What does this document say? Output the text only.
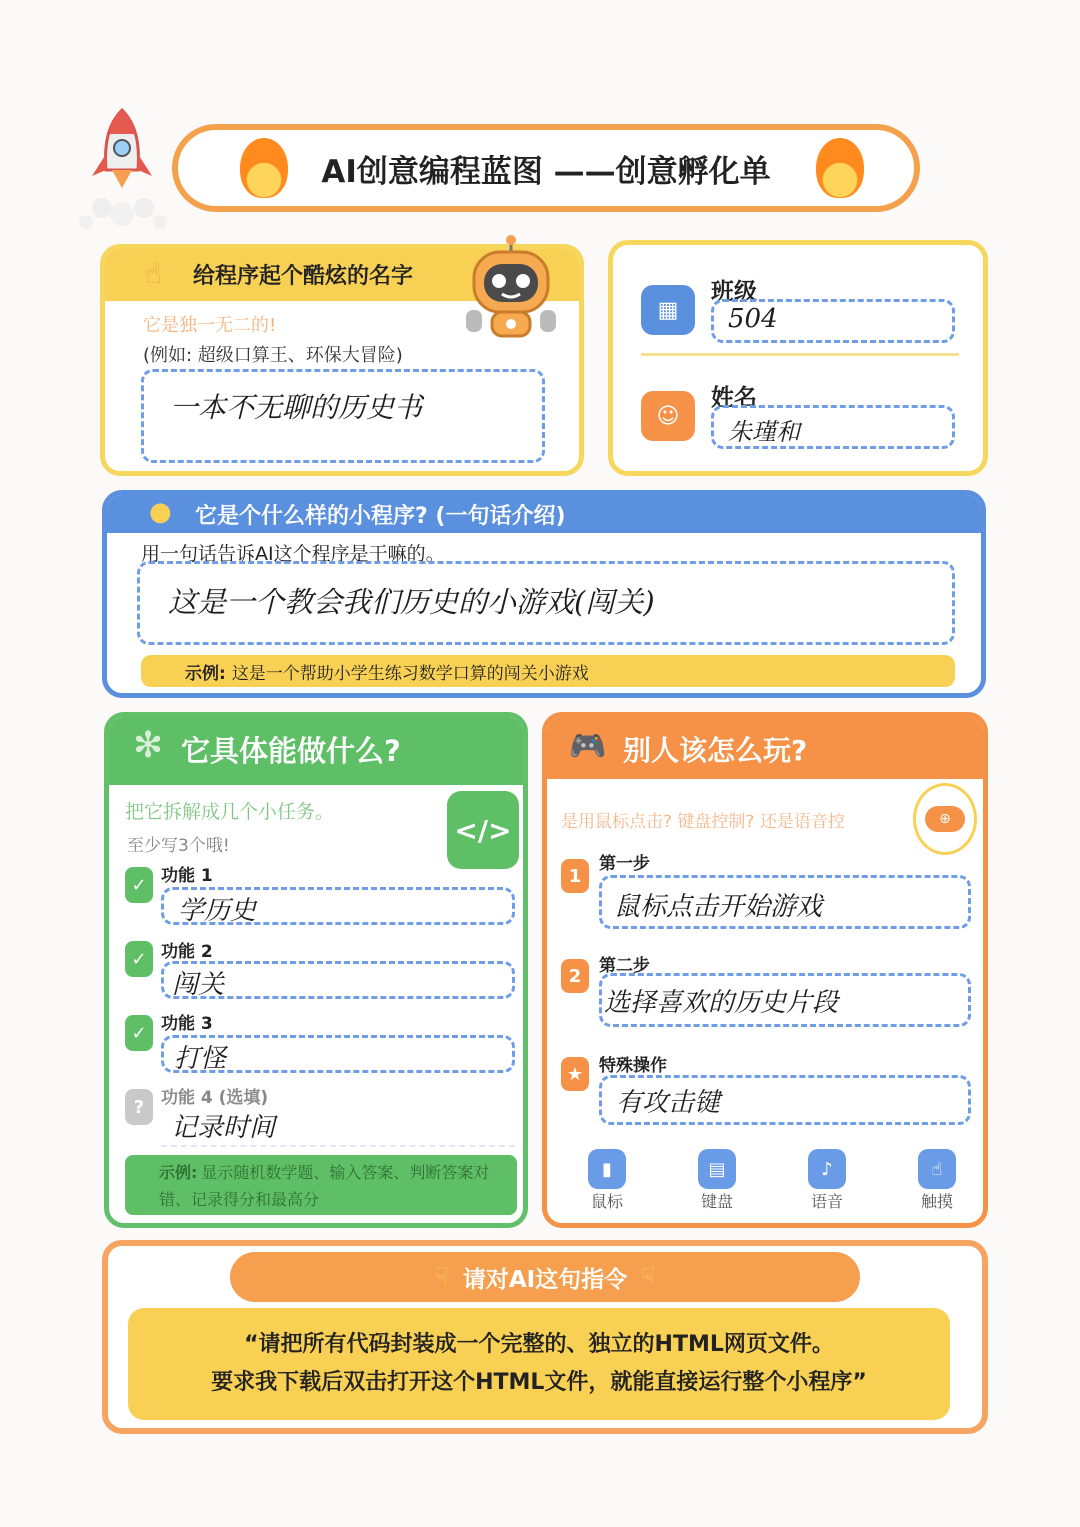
AI创意编程蓝图 ——创意孵化单
☝ 给程序起个酷炫的名字
它是独一无二的!
(例如: 超级口算王、环保大冒险)
一本不无聊的历史书
▦
班级
504
☺
姓名
朱瑾和
● 它是个什么样的小程序? (一句话介绍)
用一句话告诉AI这个程序是干嘛的。
这是一个教会我们历史的小游戏(闯关)
示例: 这是一个帮助小学生练习数学口算的闯关小游戏
✻ 它具体能做什么?
</>
把它拆解成几个小任务。
至少写3个哦!
✓ 功能 1
学历史
✓ 功能 2
闯关
✓ 功能 3
打怪
? 功能 4 (选填)
记录时间
示例: 显示随机数学题、输入答案、判断答案对错、记录得分和最高分
🎮 别人该怎么玩?
是用鼠标点击? 键盘控制? 还是语音控	⊕
1
第一步
鼠标点击开始游戏
2	第二步
选择喜欢的历史片段
★ 特殊操作
有攻击键
▮
鼠标
▤
键盘
♪
语音
☝
触摸
☟ 请对AI这句指令 ☟
“请把所有代码封装成一个完整的、独立的HTML网页文件。
要求我下载后双击打开这个HTML文件，就能直接运行整个小程序”
